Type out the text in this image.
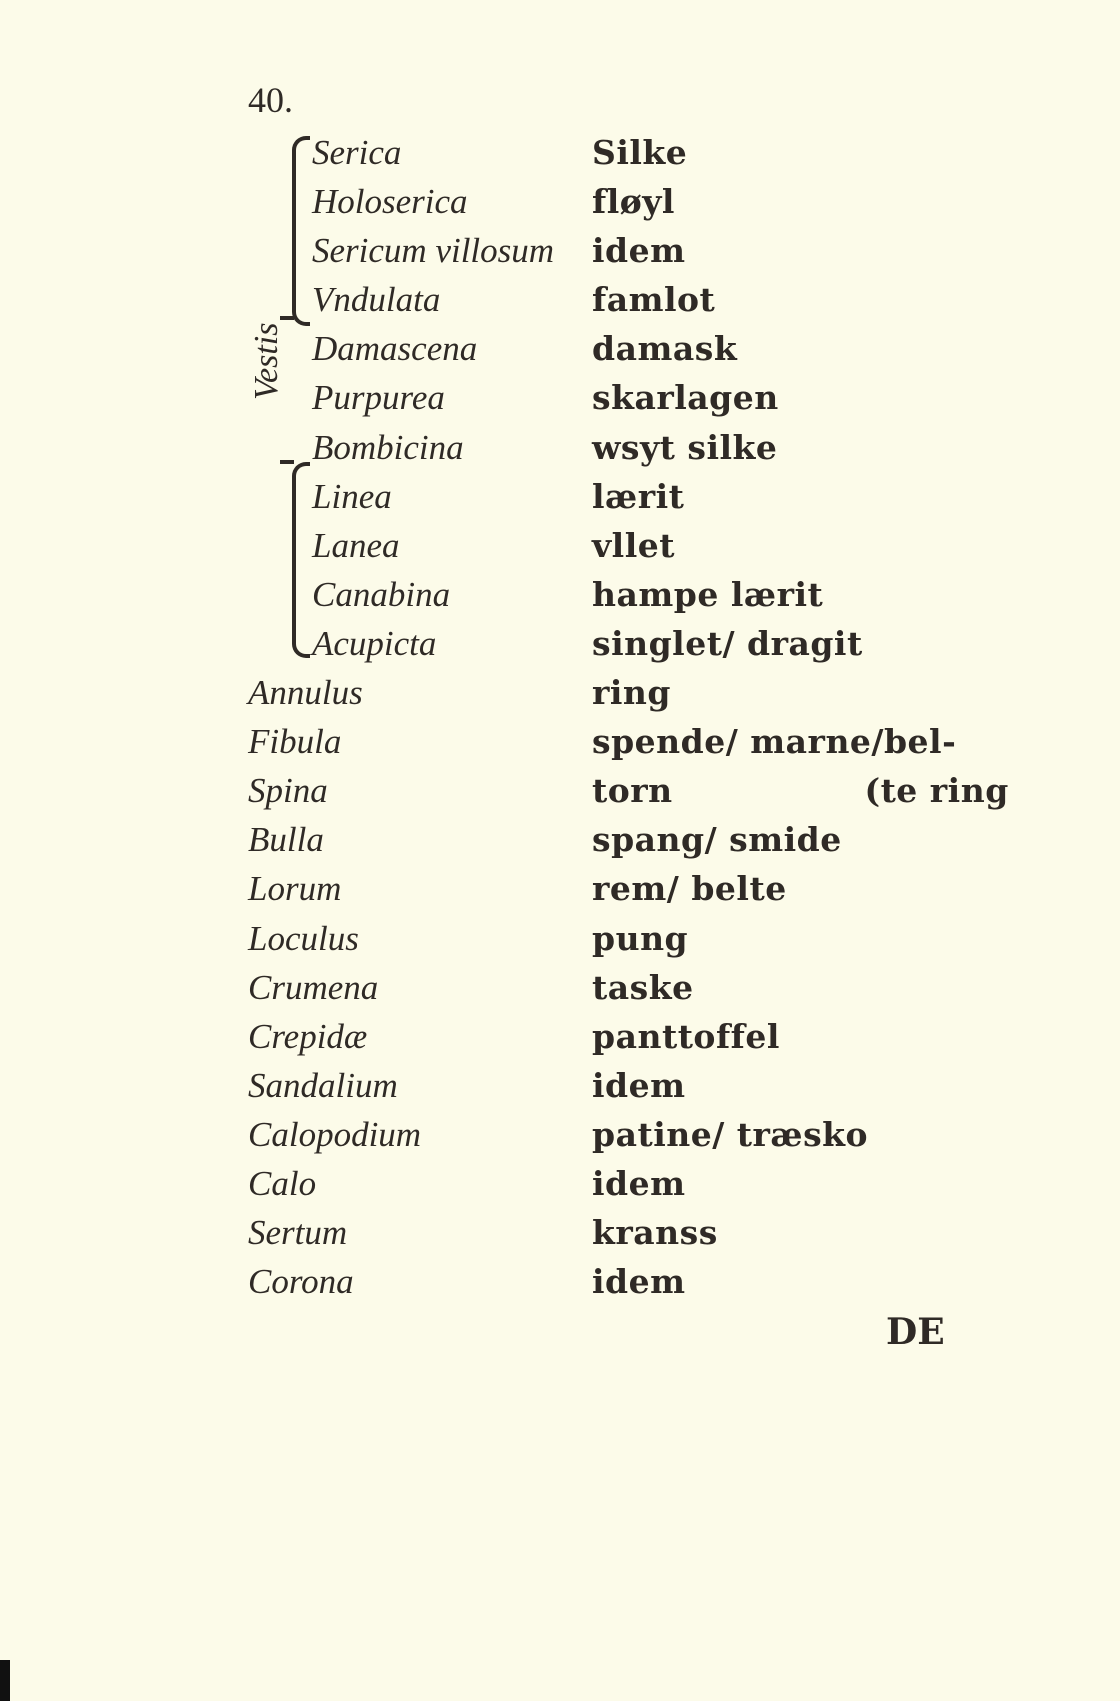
40.
Vestis
Serica
Holoserica
Sericum villosum
Vndulata
Damascena
Purpurea
Bombicina
Linea
Lanea
Canabina
Acupicta
Annulus
Fibula
Spina
Bulla
Lorum
Loculus
Crumena
Crepidæ
Sandalium
Calopodium
Calo
Sertum
Corona
Silke
fløyl
idem
famlot
damask
skarlagen
wsyt silke
lærit
vllet
hampe lærit
singlet/ dragit
ring
spende/ marne/bel-
torn                (te ring
spang/ smide
rem/ belte
pung
taske
panttoffel
idem
patine/ træsko
idem
kranss
idem
DE
